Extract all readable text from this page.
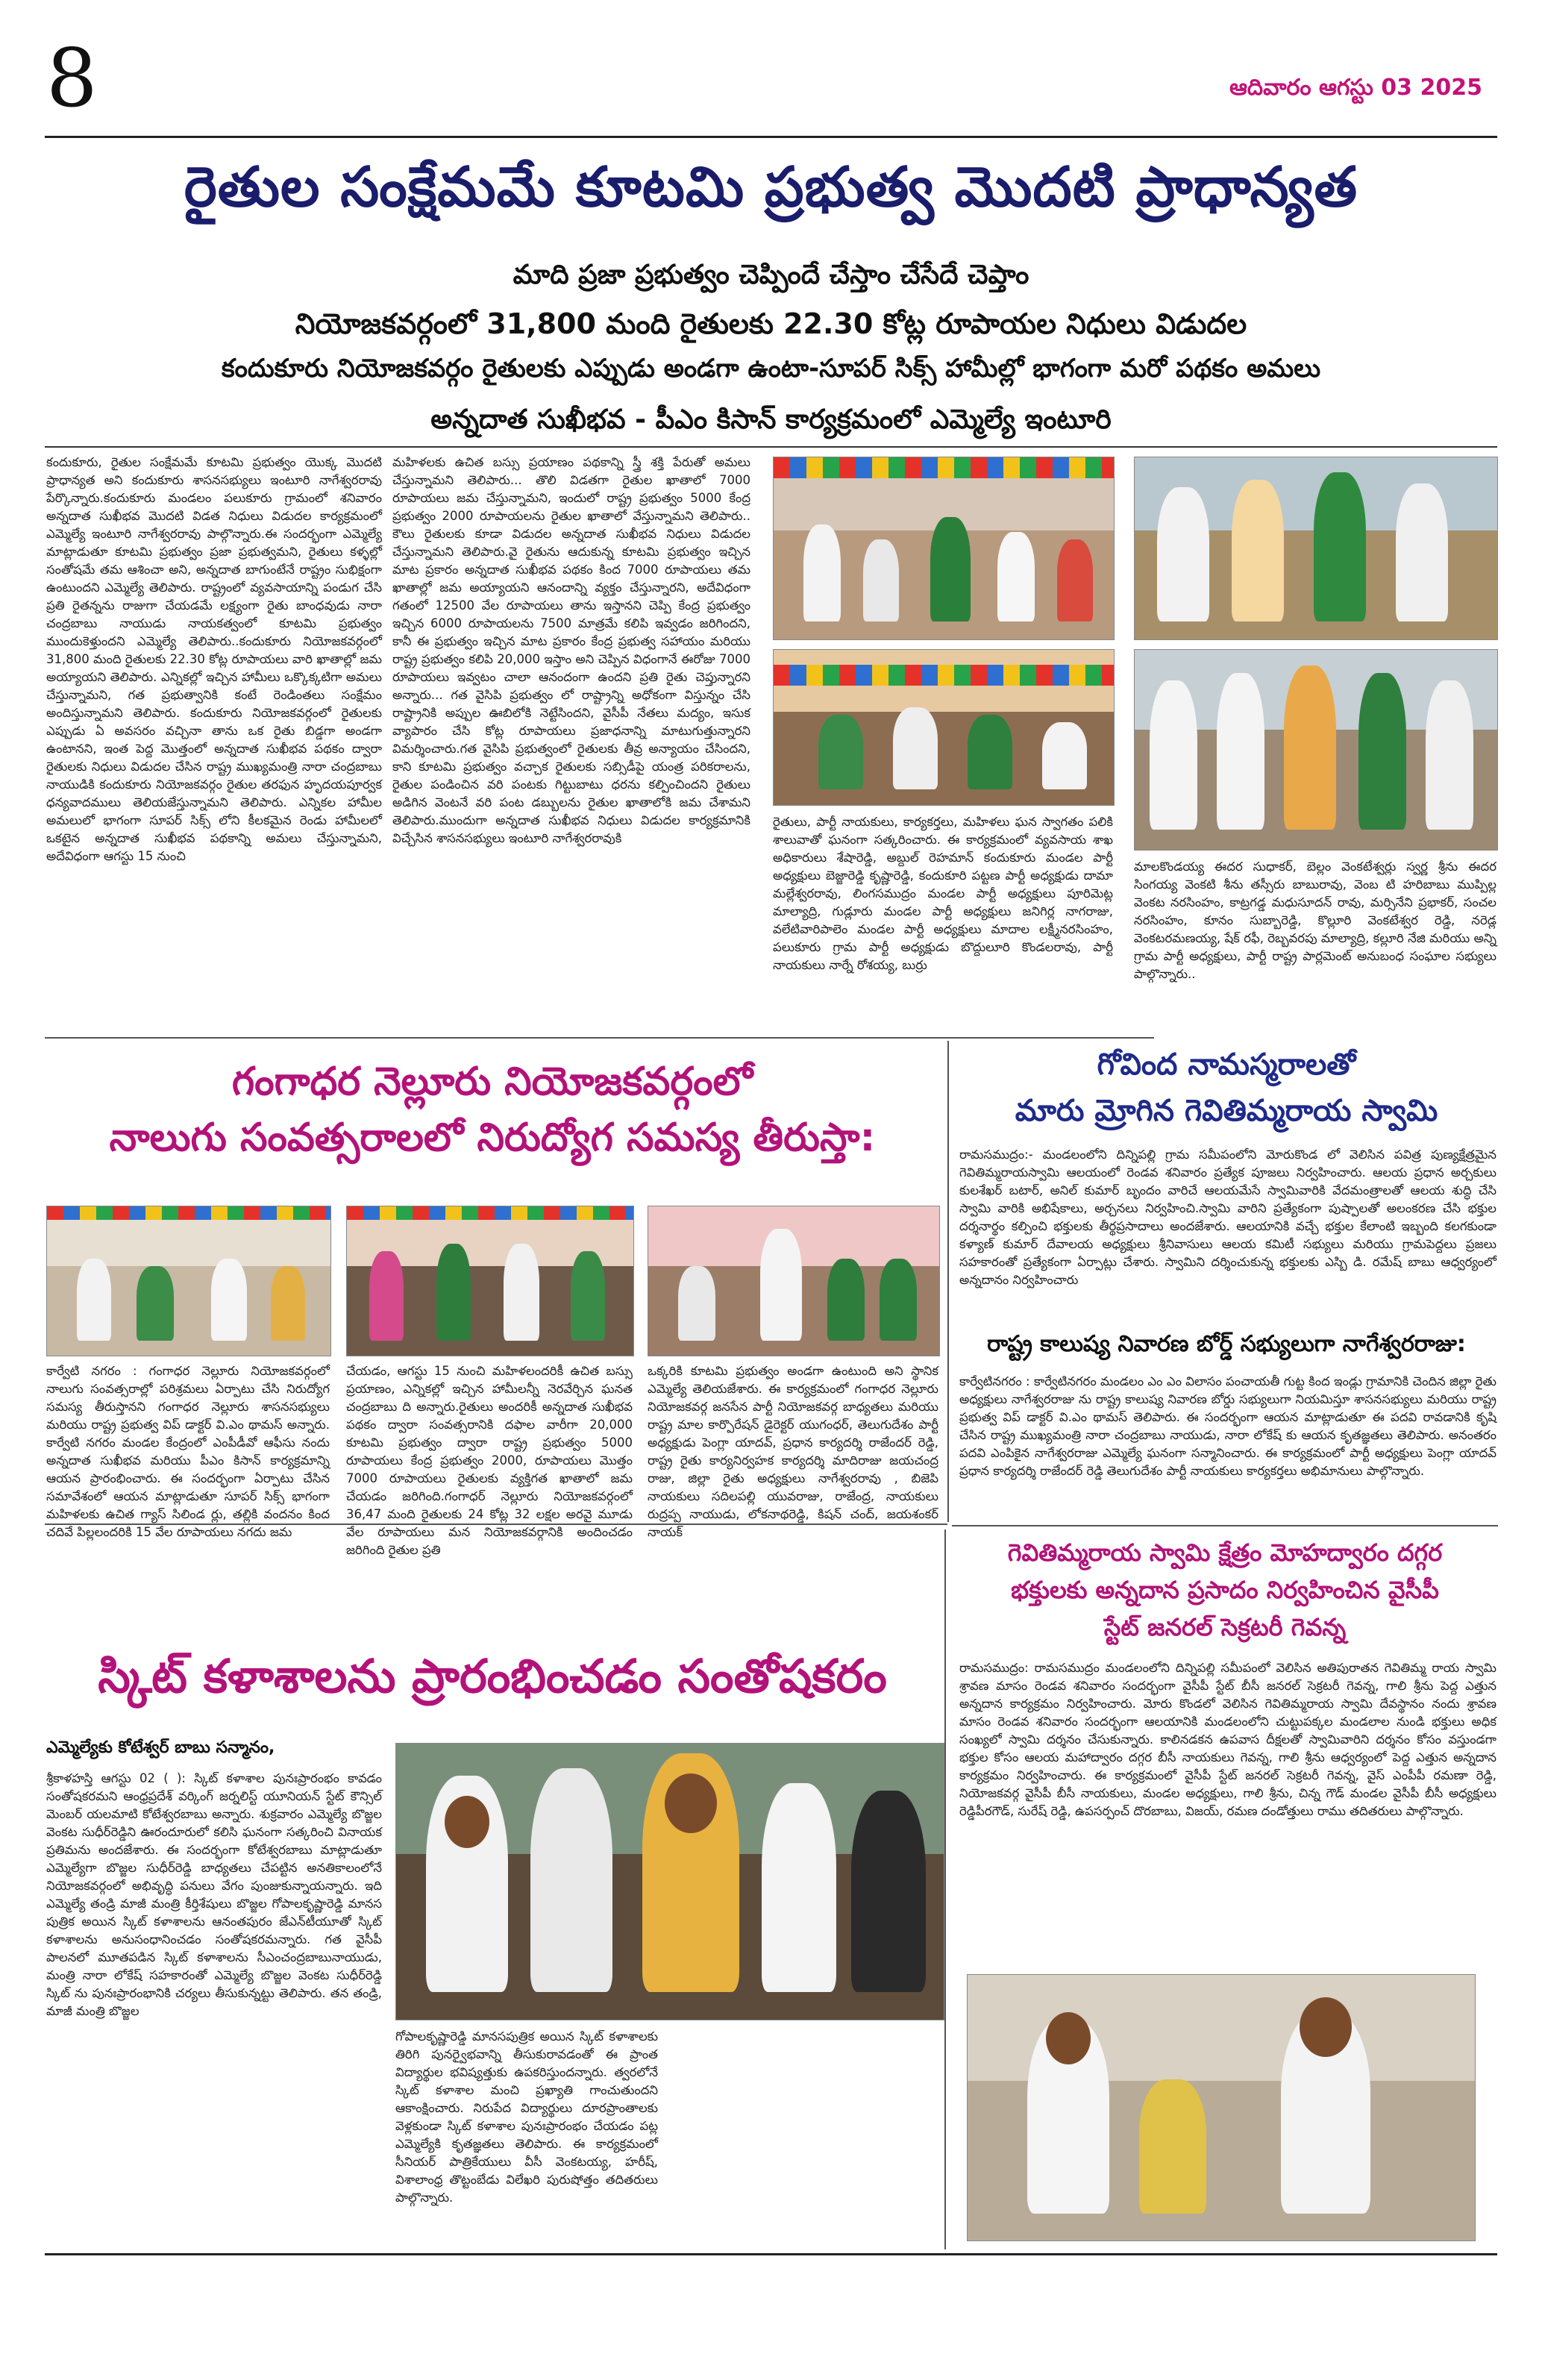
8	ఆదివారం ఆగస్టు 03 2025
రైతుల సంక్షేమమే కూటమి ప్రభుత్వ మొదటి ప్రాధాన్యత
మాది ప్రజా ప్రభుత్వం చెప్పిందే చేస్తాం చేసేదే చెప్తాం
నియోజకవర్గంలో 31,800 మంది రైతులకు 22.30 కోట్ల రూపాయల నిధులు విడుదల
కందుకూరు నియోజకవర్గం రైతులకు ఎప్పుడు అండగా ఉంటా-సూపర్ సిక్స్ హామీల్లో భాగంగా మరో పథకం అమలు
అన్నదాత సుఖీభవ - పీఎం కిసాన్ కార్యక్రమంలో ఎమ్మెల్యే ఇంటూరి
కందుకూరు, రైతుల సంక్షేమమే కూటమి ప్రభుత్వం యొక్క మొదటి ప్రాధాన్యత అని కందుకూరు శాసనసభ్యులు ఇంటూరి నాగేశ్వరరావు పేర్కొన్నారు.కందుకూరు మండలం పలుకూరు గ్రామంలో శనివారం అన్నదాత సుఖీభవ మొదటి విడత నిధులు విడుదల కార్యక్రమంలో ఎమ్మెల్యే ఇంటూరి నాగేశ్వరరావు పాల్గొన్నారు.ఈ సందర్భంగా ఎమ్మెల్యే మాట్లాడుతూ కూటమి ప్రభుత్వం ప్రజా ప్రభుత్వమని, రైతులు కళ్ళల్లో సంతోషమే తమ ఆశించా అని, అన్నదాత బాగుంటేనే రాష్ట్రం సుభిక్షంగా ఉంటుందని ఎమ్మెల్యే తెలిపారు. రాష్ట్రంలో వ్యవసాయాన్ని పండుగ చేసి ప్రతి రైతన్నను రాజుగా చేయడమే లక్ష్యంగా రైతు బాంధవుడు నారా చంద్రబాబు నాయుడు నాయకత్వంలో కూటమి ప్రభుత్వం ముందుకెళ్తుందని ఎమ్మెల్యే తెలిపారు..కందుకూరు నియోజకవర్గంలో 31,800 మంది రైతులకు 22.30 కోట్ల రూపాయలు వారి ఖాతాల్లో జమ అయ్యాయని తెలిపారు. ఎన్నికల్లో ఇచ్చిన హామీలు ఒక్కొక్కటిగా అమలు చేస్తున్నామని, గత ప్రభుత్వానికి కంటే రెండింతలు సంక్షేమం అందిస్తున్నామని తెలిపారు. కందుకూరు నియోజకవర్గంలో రైతులకు ఎప్పుడు ఏ అవసరం వచ్చినా తాను ఒక రైతు బిడ్డగా అండగా ఉంటానని, ఇంత పెద్ద మొత్తంలో అన్నదాత సుఖీభవ పథకం ద్వారా రైతులకు నిధులు విడుదల చేసిన రాష్ట్ర ముఖ్యమంత్రి నారా చంద్రబాబు నాయుడికి కందుకూరు నియోజకవర్గం రైతుల తరఫున హృదయపూర్వక ధన్యవాదములు తెలియజేస్తున్నామని తెలిపారు. ఎన్నికల హామీల అమలులో భాగంగా సూపర్ సిక్స్ లోని కీలకమైన రెండు హామీలలో ఒకటైన అన్నదాత సుఖీభవ పథకాన్ని అమలు చేస్తున్నామని, అదేవిధంగా ఆగస్టు 15 నుంచి
మహిళలకు ఉచిత బస్సు ప్రయాణం పథకాన్ని స్త్రీ శక్తి పేరుతో అమలు చేస్తున్నామని తెలిపారు... తొలి విడతగా రైతుల ఖాతాలో 7000 రూపాయలు జమ చేస్తున్నామని, ఇందులో రాష్ట్ర ప్రభుత్వం 5000 కేంద్ర ప్రభుత్వం 2000 రూపాయలను రైతుల ఖాతాలో వేస్తున్నామని తెలిపారు.. కౌలు రైతులకు కూడా విడుదల అన్నదాత సుఖీభవ నిధులు విడుదల చేస్తున్నామని తెలిపారు.వై రైతును ఆదుకున్న కూటమి ప్రభుత్వం ఇచ్చిన మాట ప్రకారం అన్నదాత సుఖీభవ పథకం కింద 7000 రూపాయలు తమ ఖాతాల్లో జమ అయ్యాయని ఆనందాన్ని వ్యక్తం చేస్తున్నారని, అదేవిధంగా గతంలో 12500 వేల రూపాయలు తాను ఇస్తానని చెప్పి కేంద్ర ప్రభుత్వం ఇచ్చిన 6000 రూపాయలను 7500 మాత్రమే కలిపి ఇవ్వడం జరిగిందని, కానీ ఈ ప్రభుత్వం ఇచ్చిన మాట ప్రకారం కేంద్ర ప్రభుత్వ సహాయం మరియు రాష్ట్ర ప్రభుత్వం కలిపి 20,000 ఇస్తాం అని చెప్పిన విధంగానే ఈరోజు 7000 రూపాయలు ఇవ్వటం చాలా ఆనందంగా ఉందని ప్రతి రైతు చెప్తున్నారని అన్నారు... గత వైసిపి ప్రభుత్వం లో రాష్ట్రాన్ని అధోకంగా విస్తున్నం చేసి రాష్ట్రానికి అప్పుల ఊబిలోకి నెట్టేసిందని, వైసీపీ నేతలు మద్యం, ఇసుక వ్యాపారం చేసి కోట్ల రూపాయలు ప్రజాధనాన్ని మాటుగుత్తున్నారని విమర్శించారు.గత వైసిపి ప్రభుత్వంలో రైతులకు తీవ్ర అన్యాయం చేసిందని, కాని కూటమి ప్రభుత్వం వచ్చాక రైతులకు సబ్సిడీపై యంత్ర పరికరాలను, రైతుల పండించిన వరి పంటకు గిట్టుబాటు ధరను కల్పించిందని రైతులు అడిగిన వెంటనే వరి పంట డబ్బులను రైతుల ఖాతాలోకి జమ చేశామని తెలిపారు.ముందుగా అన్నదాత సుఖీభవ నిధులు విడుదల కార్యక్రమానికి విచ్చేసిన శాసనసభ్యులు ఇంటూరి నాగేశ్వరరావుకి
రైతులు, పార్టీ నాయకులు, కార్యకర్తలు, మహిళలు ఘన స్వాగతం పలికి శాలువాతో ఘనంగా సత్కరించారు. ఈ కార్యక్రమంలో వ్యవసాయ శాఖ అధికారులు శేషారెడ్డి, అబ్దుల్ రెహమాన్ కందుకూరు మండల పార్టీ అధ్యక్షులు బెజ్జారెడ్డి కృష్ణారెడ్డి, కందుకూరి పట్టణ పార్టీ అధ్యక్షుడు దామా మల్లేశ్వరరావు, లింగసముద్రం మండల పార్టీ అధ్యక్షులు పూరిమెట్ల మాల్యాద్రి, గుడ్లూరు మండల పార్టీ అధ్యక్షులు జనిగిర్ల నాగరాజు, వలేటివారిపాలెం మండల పార్టీ అధ్యక్షులు మాదాల లక్ష్మీనరసింహం, పలుకూరు గ్రామ పార్టీ అధ్యక్షుడు బొద్దులూరి కొండలరావు, పార్టీ నాయకులు నార్నే రోశయ్య, బుర్రు
మాలకొండయ్య ఈదర సుధాకర్, బెల్లం వెంకటేశ్వర్లు స్వర్ణ శ్రీను ఈదర సింగయ్య వెంకటి శీను తస్సీరు బాబురావు, వెంబ టి హరిబాబు ముప్పిల్ల వెంకట నరసింహం, కాట్రగడ్డ మధుసూదన్ రావు, మర్సినేని ప్రభాకర్, సంచల నరసింహం, కూనం సుబ్బారెడ్డి, కొల్లూరి వెంకటేశ్వర రెడ్డి, నరెడ్ల వెంకటరమణయ్య, షేక్ రఫీ, రెబ్బవరపు మాల్యాద్రి, కల్లూరి నేజి మరియు అన్ని గ్రామ పార్టీ అధ్యక్షులు, పార్టీ రాష్ట్ర పార్లమెంట్ అనుబంధ సంఘాల సభ్యులు పాల్గొన్నారు..
గంగాధర నెల్లూరు నియోజకవర్గంలో
నాలుగు సంవత్సరాలలో నిరుద్యోగ సమస్య తీరుస్తా:
కార్వేటి నగరం : గంగాధర నెల్లూరు నియోజకవర్గంలో నాలుగు సంవత్సరాల్లో పరిశ్రమలు ఏర్పాటు చేసి నిరుద్యోగ సమస్య తీరుస్తానని గంగాధర నెల్లూరు శాసనసభ్యులు మరియు రాష్ట్ర ప్రభుత్వ విప్ డాక్టర్ వి.ఎం థామస్ అన్నారు. కార్వేటి నగరం మండల కేంద్రంలో ఎంపీడీవో ఆఫీసు నందు అన్నదాత సుఖీభవ మరియు పీఎం కిసాన్ కార్యక్రమాన్ని ఆయన ప్రారంభించారు. ఈ సందర్భంగా ఏర్పాటు చేసిన సమావేశంలో ఆయన మాట్లాడుతూ సూపర్ సిక్స్ భాగంగా మహిళలకు ఉచిత గ్యాస్ సిలిండ ర్లు, తల్లికి వందనం కింద చదివే పిల్లలందరికి 15 వేల రూపాయలు నగదు జమ
చేయడం, ఆగస్టు 15 నుంచి మహిళలందరికీ ఉచిత బస్సు ప్రయాణం, ఎన్నికల్లో ఇచ్చిన హామీలన్నీ నెరవేర్చిన ఘనత చంద్రబాబు ది అన్నారు.రైతులు అందరికీ అన్నదాత సుఖీభవ పథకం ద్వారా సంవత్సరానికి దఫాల వారీగా 20,000 కూటమి ప్రభుత్వం ద్వారా రాష్ట్ర ప్రభుత్వం 5000 రూపాయలు కేంద్ర ప్రభుత్వం 2000, రూపాయలు మొత్తం 7000 రూపాయలు రైతులకు వ్యక్తిగత ఖాతాలో జమ చేయడం జరిగింది.గంగాధర్ నెల్లూరు నియోజకవర్గంలో 36,47 మంది రైతులకు 24 కోట్ల 32 లక్షల అరవై మూడు వేల రూపాయలు మన నియోజకవర్గానికి అందించడం జరిగింది రైతుల ప్రతి
ఒక్కరికి కూటమి ప్రభుత్వం అండగా ఉంటుంది అని స్థానిక ఎమ్మెల్యే తెలియజేశారు. ఈ కార్యక్రమంలో గంగాధర నెల్లూరు నియోజకవర్గ జనసేన పార్టీ నియోజకవర్గ బాధ్యతలు మరియు రాష్ట్ర మాల కార్పొరేషన్ డైరెక్టర్ యుగంధర్, తెలుగుదేశం పార్టీ అధ్యక్షుడు పెంగ్లా యాదవ్, ప్రధాన కార్యదర్శి రాజేందర్ రెడ్డి, రాష్ట్ర రైతు కార్యనిర్వహక కార్యదర్శి మాదిరాజు జయచంద్ర రాజు, జిల్లా రైతు అధ్యక్షులు నాగేశ్వరరావు , బిజెపి నాయకులు సదిలపల్లి యువరాజు, రాజేంద్ర, నాయకులు రుద్రప్ప నాయుడు, లోకనాథరెడ్డి, కిషన్ చంద్, జయశంకర్ నాయక్
గోవింద నామస్మరాలతో
మారు మ్రోగిన గెవితిమ్మరాయ స్వామి
రామసముద్రం:- మండలంలోని దిన్నిపల్లి గ్రామ సమీపంలోని మోరుకొండ లో వెలిసిన పవిత్ర పుణ్యక్షేత్రమైన గెవితిమ్మరాయస్వామి ఆలయంలో రెండవ శనివారం ప్రత్యేక పూజలు నిర్వహించారు. ఆలయ ప్రధాన అర్చకులు కులశేఖర్ బటార్, అనిల్ కుమార్ బృందం వారిచే ఆలయమేసే స్వామివారికి వేదమంత్రాలతో ఆలయ శుద్ధి చేసి స్వామి వారికి అభిషేకాలు, అర్చనలు నిర్వహించి.స్వామి వారిని ప్రత్యేకంగా పుష్పాలతో అలంకరణ చేసి భక్తుల దర్శనార్థం కల్పించి భక్తులకు తీర్థప్రసాదాలు అందజేశారు. ఆలయానికి వచ్చే భక్తుల కేలాంటి ఇబ్బంది కలగకుండా కళ్యాణ్ కుమార్ దేవాలయ అధ్యక్షులు శ్రీనివాసులు ఆలయ కమిటీ సభ్యులు మరియు గ్రామపెద్దలు ప్రజలు సహకారంతో ప్రత్యేకంగా ఏర్పాట్లు చేశారు. స్వామిని దర్శించుకున్న భక్తులకు ఎస్బి డి. రమేష్ బాబు ఆధ్వర్యంలో అన్నదానం నిర్వహించారు
రాష్ట్ర కాలుష్య నివారణ బోర్డ్ సభ్యులుగా నాగేశ్వరరాజు:
కార్వేటినగరం : కార్వేటినగరం మండలం ఎం ఎం విలాసం పంచాయతీ గుట్ట కింద ఇండ్లు గ్రామానికి చెందిన జిల్లా రైతు అధ్యక్షులు నాగేశ్వరరాజు ను రాష్ట్ర కాలుష్య నివారణ బోర్డు సభ్యులుగా నియమిస్తూ శాసనసభ్యులు మరియు రాష్ట్ర ప్రభుత్వ విప్ డాక్టర్ వి.ఎం థామస్ తెలిపారు. ఈ సందర్భంగా ఆయన మాట్లాడుతూ ఈ పదవి రావడానికి కృషి చేసిన రాష్ట్ర ముఖ్యమంత్రి నారా చంద్రబాబు నాయుడు, నారా లోకేష్ కు ఆయన కృతజ్ఞతలు తెలిపారు. అనంతరం పదవి ఎంపికైన నాగేశ్వరరాజు ఎమ్మెల్యే ఘనంగా సన్మానించారు. ఈ కార్యక్రమంలో పార్టీ అధ్యక్షులు పెంగ్లా యాదవ్ ప్రధాన కార్యదర్శి రాజేందర్ రెడ్డి తెలుగుదేశం పార్టీ నాయకులు కార్యకర్తలు అభిమానులు పాల్గొన్నారు.
గెవితిమ్మరాయ స్వామి క్షేత్రం మోహద్వారం దగ్గర
భక్తులకు అన్నదాన ప్రసాదం నిర్వహించిన వైసీపీ
స్టేట్ జనరల్ సెక్రటరీ గెవన్న
రామసముద్రం: రామసముద్రం మండలంలోని దిన్నిపల్లి సమీపంలో వెలిసిన అతిపురాతన గెవితిమ్మ రాయ స్వామి శ్రావణ మాసం రెండవ శనివారం సందర్భంగా వైసీపీ స్టేట్ బీసీ జనరల్ సెక్రటరీ గెవన్న, గాలి శ్రీను పెద్ద ఎత్తున అన్నదాన కార్యక్రమం నిర్వహించారు. మోరు కొండలో వెలిసిన గెవితిమ్మరాయ స్వామి దేవస్థానం నందు శ్రావణ మాసం రెండవ శనివారం సందర్భంగా ఆలయానికి మండలంలోని చుట్టుపక్కల మండలాల నుండి భక్తులు అధిక సంఖ్యలో స్వామి దర్శనం చేసుకున్నారు. కాలినడకన ఉపవాస దీక్షలతో స్వామివారిని దర్శనం కోసం వస్తుండగా భక్తుల కోసం ఆలయ మహాద్వారం దగ్గర బీసీ నాయకులు గెవన్న, గాలి శ్రీను ఆధ్వర్యంలో పెద్ద ఎత్తున అన్నదాన కార్యక్రమం నిర్వహించారు. ఈ కార్యక్రమంలో వైసీపీ స్టేట్ జనరల్ సెక్రటరీ గెవన్న, వైస్ ఎంపీపీ రమణా రెడ్డి, నియోజకవర్గ వైసీపీ బీసీ నాయకులు, మండల అధ్యక్షులు, గాలి శ్రీను, చిన్న గౌడ్ మండల వైసీపీ బీసీ అధ్యక్షులు రెడ్డిపీరగౌడ్, సురేష్ రెడ్డి, ఉపసర్పంచ్ దొరబాబు, విజయ్, రమణ దండోత్తులు రాము తదితరులు పాల్గొన్నారు.
స్కిట్ కళాశాలను ప్రారంభించడం సంతోషకరం
ఎమ్మెల్యేకు కోటేశ్వర్ బాబు సన్మానం,
శ్రీకాళహస్తి ఆగస్టు 02 ( ): స్కిట్ కళాశాల పునఃప్రారంభం కావడం సంతోషకరమని ఆంధ్రప్రదేశ్ వర్కింగ్ జర్నలిస్ట్ యూనియన్ స్టేట్ కౌన్సిల్ మెంబర్ యలమాటి కోటేశ్వరబాబు అన్నారు. శుక్రవారం ఎమ్మెల్యే బొజ్జల వెంకట సుధీర్‌రెడ్డిని ఊరందూరులో కలిసి ఘనంగా సత్కరించి వినాయక ప్రతిమను అందజేశారు. ఈ సందర్భంగా కోటేశ్వరబాబు మాట్లాడుతూ ఎమ్మెల్యేగా బొజ్జల సుధీర్‌రెడ్డి బాధ్యతలు చేపట్టిన అనతికాలంలోనే నియోజకవర్గంలో అభివృద్ధి పనులు వేగం పుంజుకున్నాయన్నారు. ఇది ఎమ్మెల్యే తండ్రి మాజీ మంత్రి కీర్తిశేషులు బొజ్జల గోపాలకృష్ణారెడ్డి మానస పుత్రిక అయిన స్కిట్ కళాశాలను ఆనంతపురం జేఎన్‌టీయూతో స్కిట్ కళాశాలను అనుసంధానించడం సంతోషకరమన్నారు. గత వైసీపీ పాలనలో మూతపడిన స్కిట్ కళాశాలను సీఎంచంద్రబాబునాయుడు, మంత్రి నారా లోకేష్ సహకారంతో ఎమ్మెల్యే బొజ్జల వెంకట సుధీర్‌రెడ్డి స్కిట్ ను పునఃప్రారంభానికి చర్యలు తీసుకున్నట్టు తెలిపారు. తన తండ్రి, మాజీ మంత్రి బొజ్జల
గోపాలకృష్ణారెడ్డి మానసపుత్రిక అయిన స్కిట్ కళాశాలకు తిరిగి పునర్వైభవాన్ని తీసుకురావడంతో ఈ ప్రాంత విద్యార్థుల భవిష్యత్తుకు ఉపకరిస్తుందన్నారు. త్వరలోనే స్కిట్ కళాశాల మంచి ప్రఖ్యాతి గాంచుతుందని ఆకాంక్షించారు. నిరుపేద విద్యార్థులు దూరప్రాంతాలకు వెళ్లకుండా స్కిట్ కళాశాల పునఃప్రారంభం చేయడం పట్ల ఎమ్మెల్యేకి కృతజ్ఞతలు తెలిపారు. ఈ కార్యక్రమంలో సీనియర్ పాత్రికేయులు వీసీ వెంకటయ్య, హరీష్, విశాలాంధ్ర తొట్టంబేడు విలేఖరి పురుషోత్తం తదితరులు పాల్గొన్నారు.
